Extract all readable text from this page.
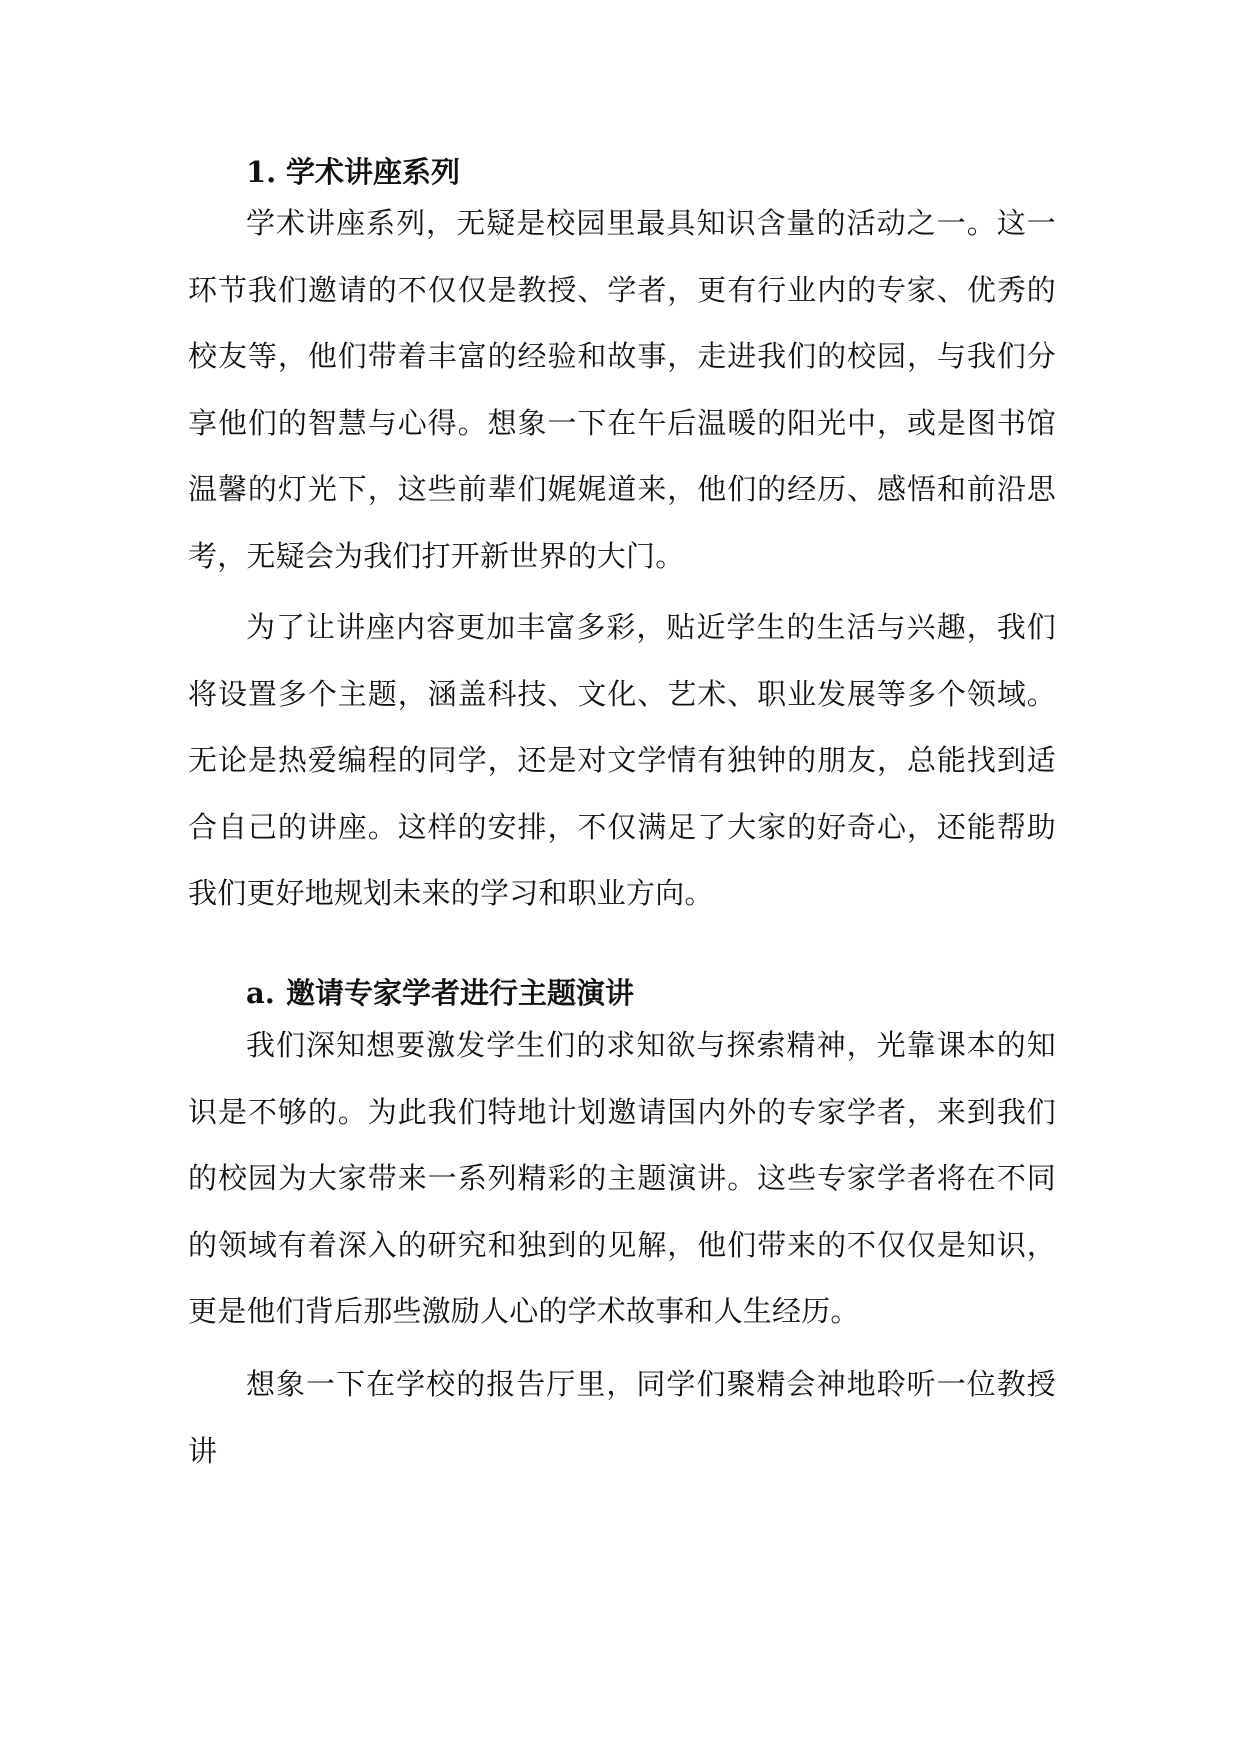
1. 学术讲座系列

学术讲座系列，无疑是校园里最具知识含量的活动之一。这一环节我们邀请的不仅仅是教授、学者，更有行业内的专家、优秀的校友等，他们带着丰富的经验和故事，走进我们的校园，与我们分享他们的智慧与心得。想象一下在午后温暖的阳光中，或是图书馆温馨的灯光下，这些前辈们娓娓道来，他们的经历、感悟和前沿思考，无疑会为我们打开新世界的大门。

为了让讲座内容更加丰富多彩，贴近学生的生活与兴趣，我们将设置多个主题，涵盖科技、文化、艺术、职业发展等多个领域。无论是热爱编程的同学，还是对文学情有独钟的朋友，总能找到适合自己的讲座。这样的安排，不仅满足了大家的好奇心，还能帮助我们更好地规划未来的学习和职业方向。

a. 邀请专家学者进行主题演讲

我们深知想要激发学生们的求知欲与探索精神，光靠课本的知识是不够的。为此我们特地计划邀请国内外的专家学者，来到我们的校园为大家带来一系列精彩的主题演讲。这些专家学者将在不同的领域有着深入的研究和独到的见解，他们带来的不仅仅是知识，更是他们背后那些激励人心的学术故事和人生经历。

想象一下在学校的报告厅里，同学们聚精会神地聆听一位教授讲
